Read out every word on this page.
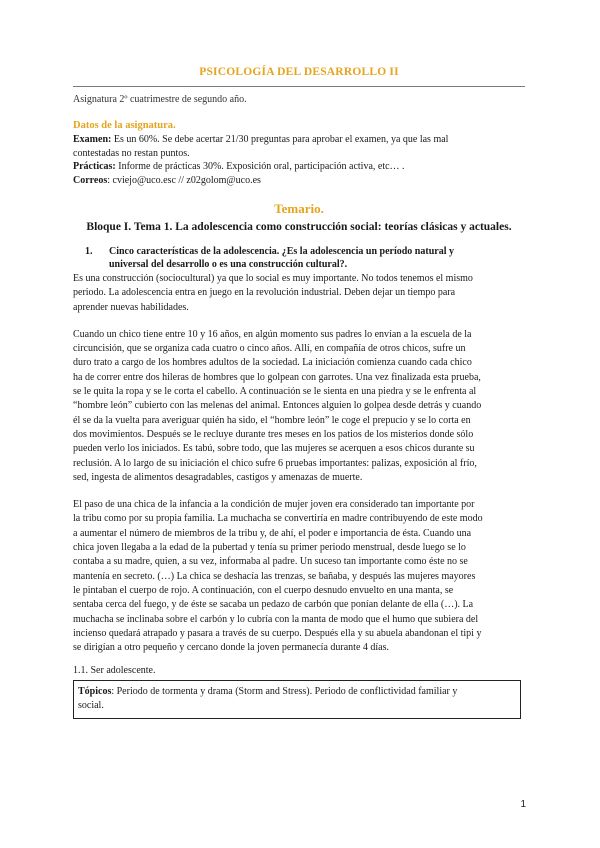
PSICOLOGÍA DEL DESARROLLO II

Asignatura 2º cuatrimestre de segundo año.

Datos de la asignatura.

Examen: Es un 60%. Se debe acertar 21/30 preguntas para aprobar el examen, ya que las mal

contestadas no restan puntos.

Prácticas: Informe de prácticas 30%. Exposición oral, participación activa, etc… .

Correos: cviejo@uco.esc // z02golom@uco.es

Temario.

Bloque I. Tema 1. La adolescencia como construcción social: teorías clásicas y actuales.

1.	Cinco características de la adolescencia. ¿Es la adolescencia un período natural y
universal del desarrollo o es una construcción cultural?.
Es una construcción (sociocultural) ya que lo social es muy importante. No todos tenemos el mismo
periodo. La adolescencia entra en juego en la revolución industrial. Deben dejar un tiempo para
aprender nuevas habilidades.
Cuando un chico tiene entre 10 y 16 años, en algún momento sus padres lo envían a la escuela de la
circuncisión, que se organiza cada cuatro o cinco años. Allí, en compañía de otros chicos, sufre un
duro trato a cargo de los hombres adultos de la sociedad. La iniciación comienza cuando cada chico
ha de correr entre dos hileras de hombres que lo golpean con garrotes. Una vez finalizada esta prueba,
se le quita la ropa y se le corta el cabello. A continuación se le sienta en una piedra y se le enfrenta al
“hombre león” cubierto con las melenas del animal. Entonces alguien lo golpea desde detrás y cuando
él se da la vuelta para averiguar quién ha sido, el “hombre león” le coge el prepucio y se lo corta en
dos movimientos. Después se le recluye durante tres meses en los patios de los misterios donde sólo
pueden verlo los iniciados. Es tabú, sobre todo, que las mujeres se acerquen a esos chicos durante su
reclusión. A lo largo de su iniciación el chico sufre 6 pruebas importantes: palizas, exposición al frío,
sed, ingesta de alimentos desagradables, castigos y amenazas de muerte.
El paso de una chica de la infancia a la condición de mujer joven era considerado tan importante por
la tribu como por su propia familia. La muchacha se convertiría en madre contribuyendo de este modo
a aumentar el número de miembros de la tribu y, de ahí, el poder e importancia de ésta. Cuando una
chica joven llegaba a la edad de la pubertad y tenía su primer periodo menstrual, desde luego se lo
contaba a su madre, quien, a su vez, informaba al padre. Un suceso tan importante como éste no se
mantenía en secreto. (…) La chica se deshacía las trenzas, se bañaba, y después las mujeres mayores
le pintaban el cuerpo de rojo. A continuación, con el cuerpo desnudo envuelto en una manta, se
sentaba cerca del fuego, y de éste se sacaba un pedazo de carbón que ponían delante de ella (…). La
muchacha se inclinaba sobre el carbón y lo cubría con la manta de modo que el humo que subiera del
incienso quedará atrapado y pasara a través de su cuerpo. Después ella y su abuela abandonan el tipi y
se dirigían a otro pequeño y cercano donde la joven permanecía durante 4 días.

1.1. Ser adolescente.

Tópicos: Periodo de tormenta y drama (Storm and Stress). Periodo de conflictividad familiar y
social.
1
